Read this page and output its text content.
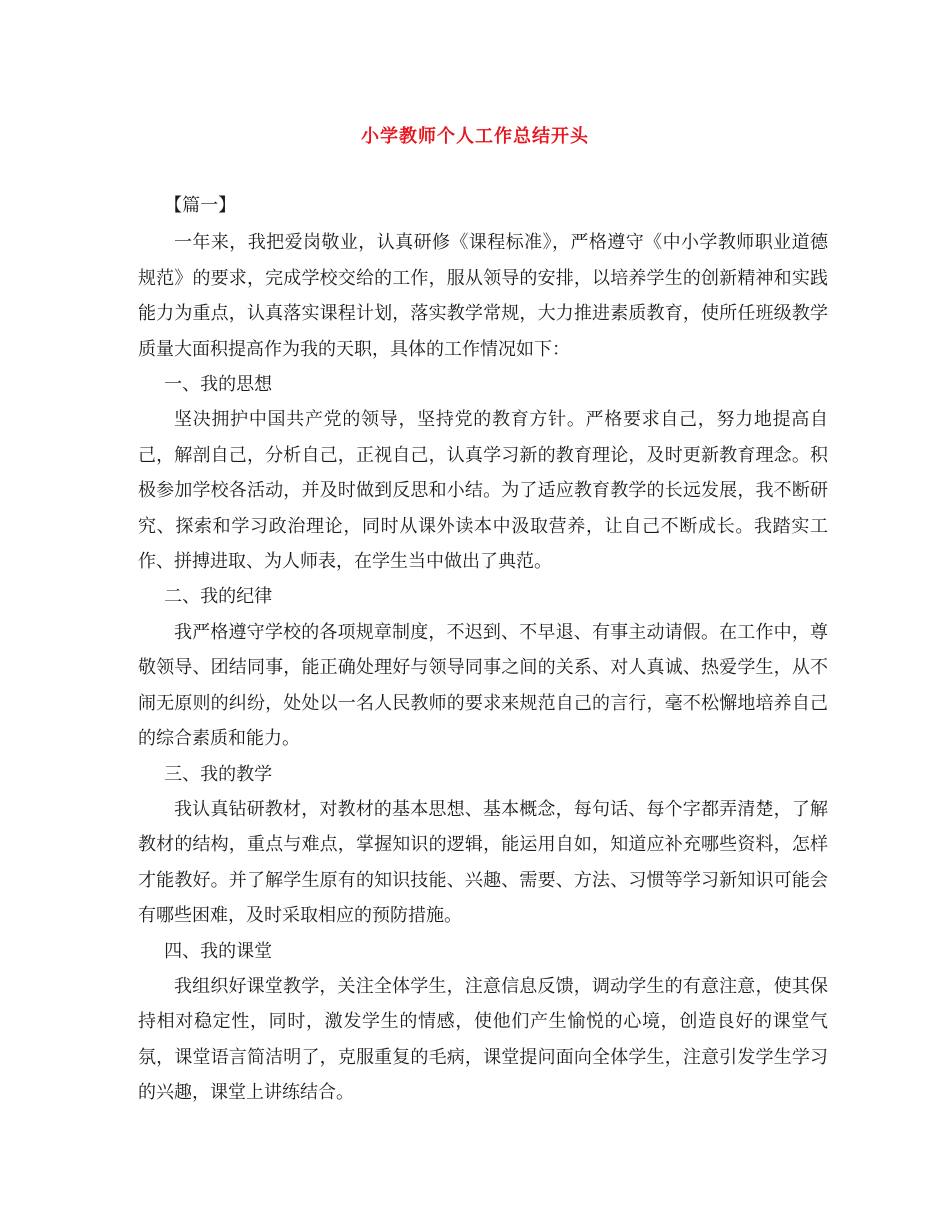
小学教师个人工作总结开头

【篇一】

一年来，我把爱岗敬业，认真研修《课程标准》，严格遵守《中小学教师职业道德规范》的要求，完成学校交给的工作，服从领导的安排，以培养学生的创新精神和实践能力为重点，认真落实课程计划，落实教学常规，大力推进素质教育，使所任班级教学质量大面积提高作为我的天职，具体的工作情况如下：

一、我的思想

坚决拥护中国共产党的领导，坚持党的教育方针。严格要求自己，努力地提高自己，解剖自己，分析自己，正视自己，认真学习新的教育理论，及时更新教育理念。积极参加学校各活动，并及时做到反思和小结。为了适应教育教学的长远发展，我不断研究、探索和学习政治理论，同时从课外读本中汲取营养，让自己不断成长。我踏实工作、拼搏进取、为人师表，在学生当中做出了典范。

二、我的纪律

我严格遵守学校的各项规章制度，不迟到、不早退、有事主动请假。在工作中，尊敬领导、团结同事，能正确处理好与领导同事之间的关系、对人真诚、热爱学生，从不闹无原则的纠纷，处处以一名人民教师的要求来规范自己的言行，毫不松懈地培养自己的综合素质和能力。

三、我的教学

我认真钻研教材，对教材的基本思想、基本概念，每句话、每个字都弄清楚，了解教材的结构，重点与难点，掌握知识的逻辑，能运用自如，知道应补充哪些资料，怎样才能教好。并了解学生原有的知识技能、兴趣、需要、方法、习惯等学习新知识可能会有哪些困难，及时采取相应的预防措施。

四、我的课堂

我组织好课堂教学，关注全体学生，注意信息反馈，调动学生的有意注意，使其保持相对稳定性，同时，激发学生的情感，使他们产生愉悦的心境，创造良好的课堂气氛，课堂语言简洁明了，克服重复的毛病，课堂提问面向全体学生，注意引发学生学习的兴趣，课堂上讲练结合。
